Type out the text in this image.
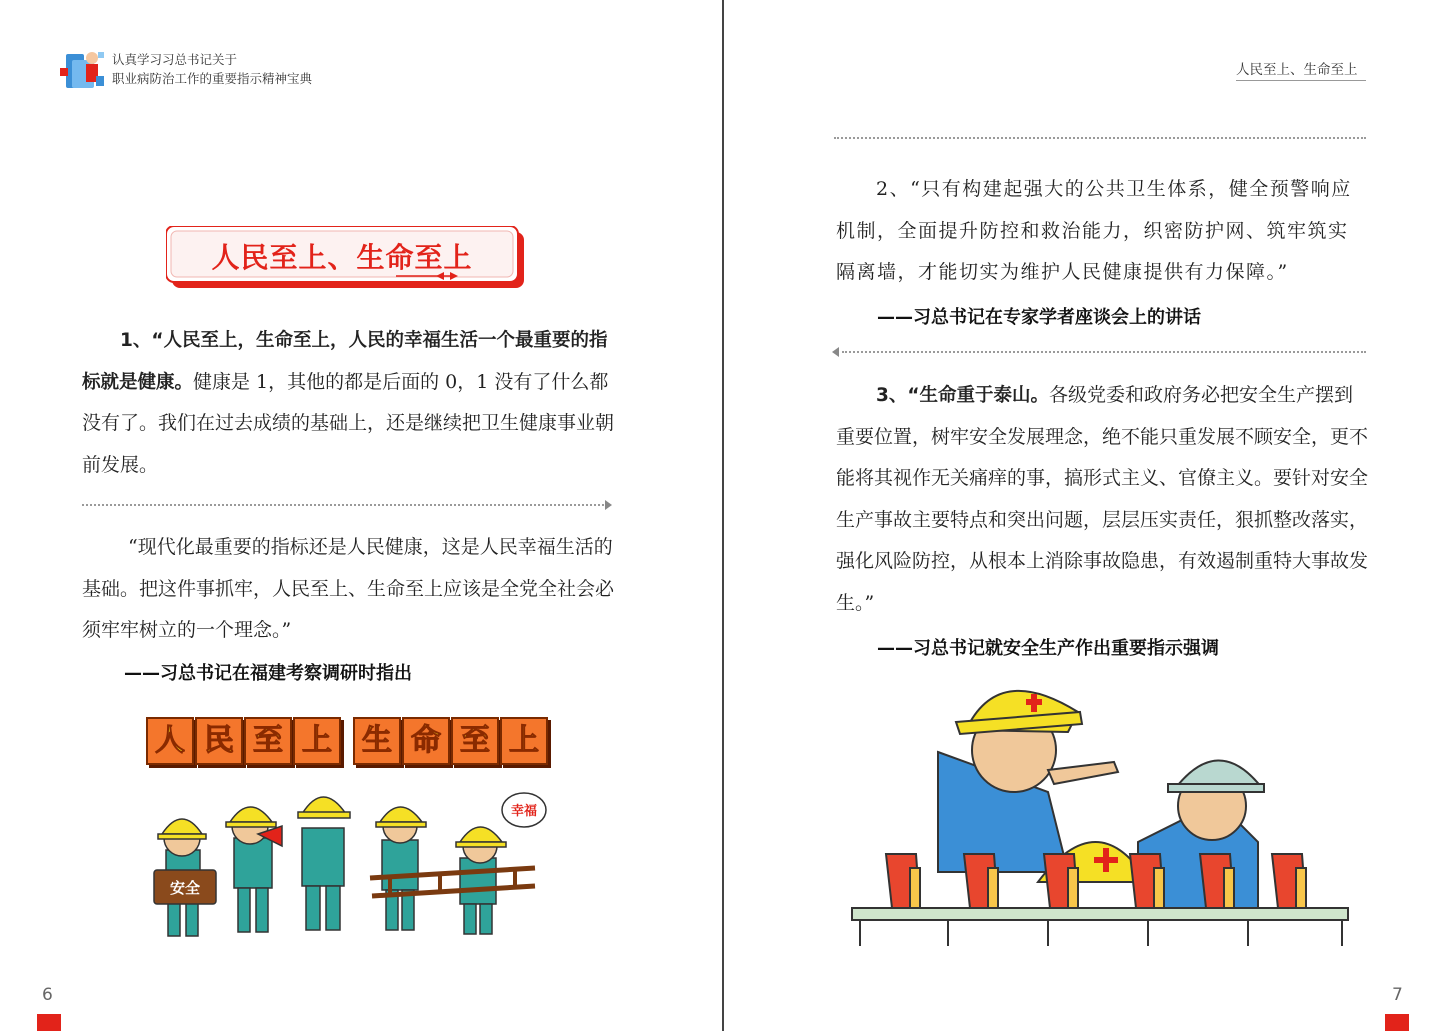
认真学习习总书记关于
职业病防治工作的重要指示精神宝典
人民至上、生命至上

1、“人民至上，生命至上，人民的幸福生活一个最重要的指标就是健康。健康是 1，其他的都是后面的 0，1 没有了什么都没有了。我们在过去成绩的基础上，还是继续把卫生健康事业朝前发展。

“现代化最重要的指标还是人民健康，这是人民幸福生活的基础。把这件事抓牢，人民至上、生命至上应该是全党全社会必须牢牢树立的一个理念。”

——习总书记在福建考察调研时指出
人 民 至 上	生 命 至 上
安全
幸福
6
人民至上、生命至上

2、“只有构建起强大的公共卫生体系，健全预警响应机制，全面提升防控和救治能力，织密防护网、筑牢筑实隔离墙，才能切实为维护人民健康提供有力保障。”

——习总书记在专家学者座谈会上的讲话

3、“生命重于泰山。各级党委和政府务必把安全生产摆到重要位置，树牢安全发展理念，绝不能只重发展不顾安全，更不能将其视作无关痛痒的事，搞形式主义、官僚主义。要针对安全生产事故主要特点和突出问题，层层压实责任，狠抓整改落实，强化风险防控，从根本上消除事故隐患，有效遏制重特大事故发生。”

——习总书记就安全生产作出重要指示强调
7
